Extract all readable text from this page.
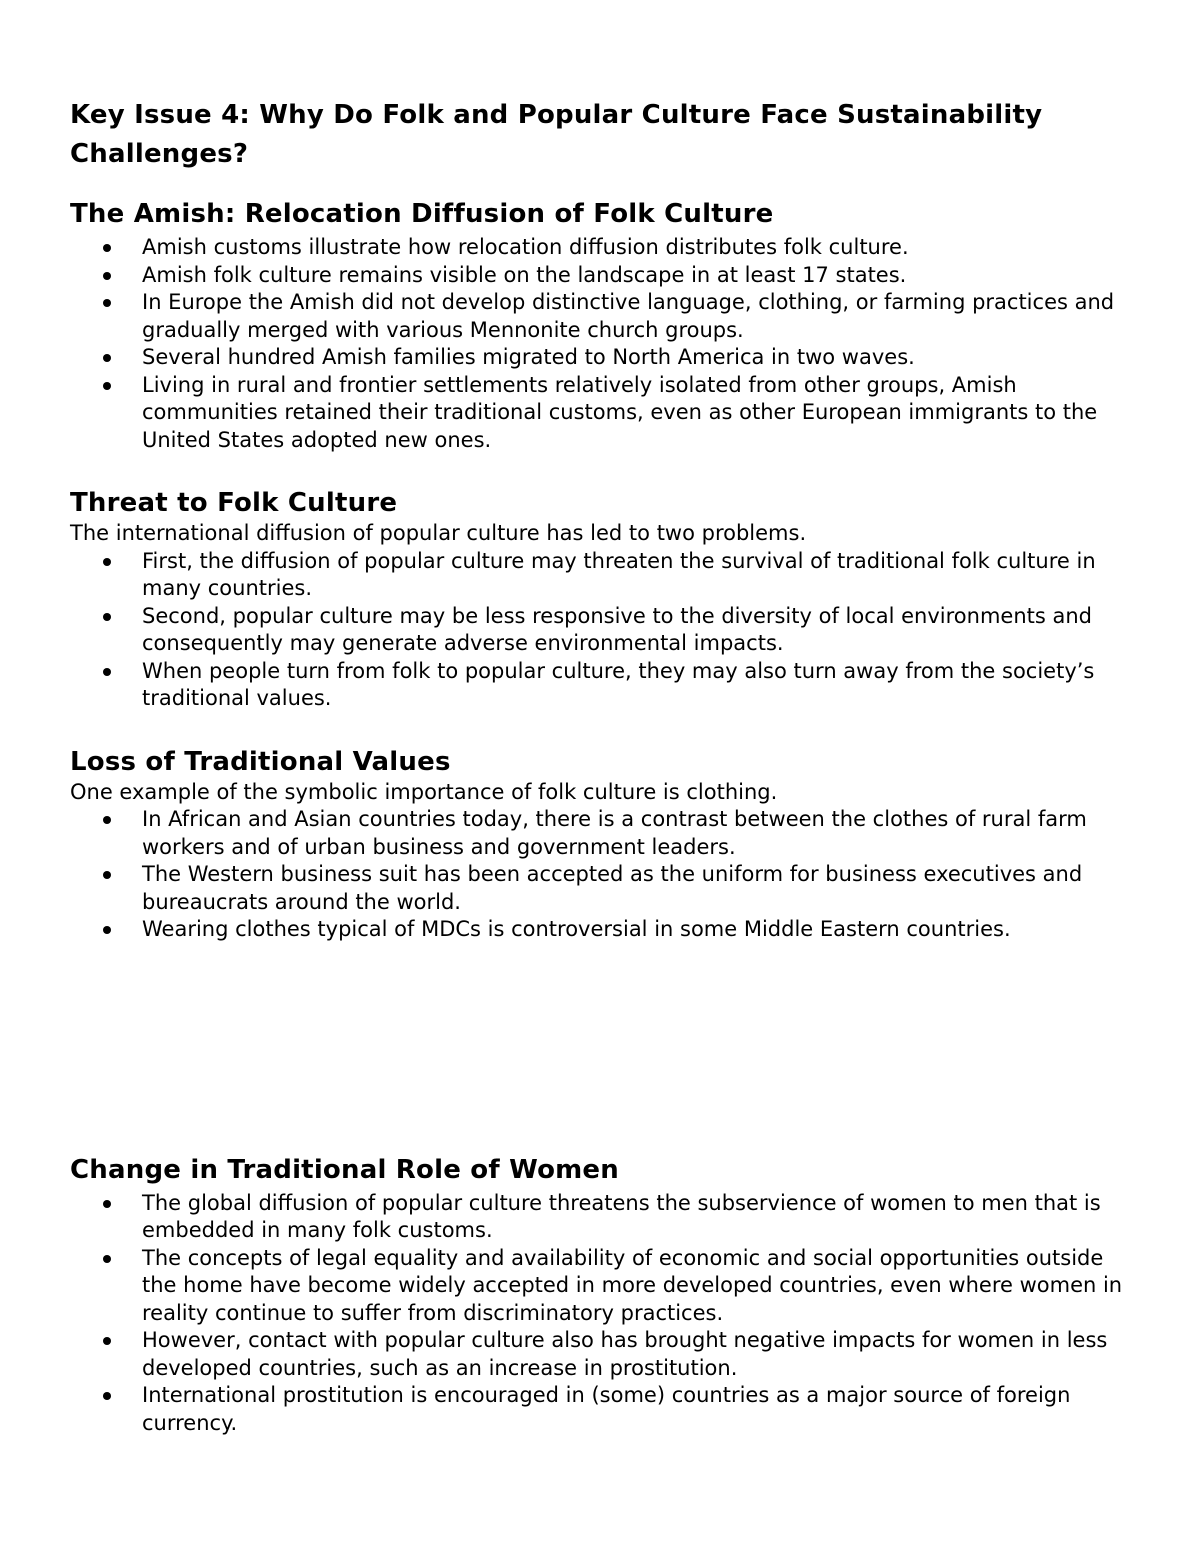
Key Issue 4: Why Do Folk and Popular Culture Face Sustainability Challenges?
The Amish: Relocation Diffusion of Folk Culture
Amish customs illustrate how relocation diffusion distributes folk culture.
Amish folk culture remains visible on the landscape in at least 17 states.
In Europe the Amish did not develop distinctive language, clothing, or farming practices and gradually merged with various Mennonite church groups.
Several hundred Amish families migrated to North America in two waves.
Living in rural and frontier settlements relatively isolated from other groups, Amish communities retained their traditional customs, even as other European immigrants to the United States adopted new ones.
Threat to Folk Culture

The international diffusion of popular culture has led to two problems.

First, the diffusion of popular culture may threaten the survival of traditional folk culture in many countries.
Second, popular culture may be less responsive to the diversity of local environments and consequently may generate adverse environmental impacts.
When people turn from folk to popular culture, they may also turn away from the society’s traditional values.
Loss of Traditional Values

One example of the symbolic importance of folk culture is clothing.

In African and Asian countries today, there is a contrast between the clothes of rural farm workers and of urban business and government leaders.
The Western business suit has been accepted as the uniform for business executives and bureaucrats around the world.
Wearing clothes typical of MDCs is controversial in some Middle Eastern countries.
Change in Traditional Role of Women
The global diffusion of popular culture threatens the subservience of women to men that is embedded in many folk customs.
The concepts of legal equality and availability of economic and social opportunities outside the home have become widely accepted in more developed countries, even where women in reality continue to suffer from discriminatory practices.
However, contact with popular culture also has brought negative impacts for women in less developed countries, such as an increase in prostitution.
International prostitution is encouraged in (some) countries as a major source of foreign currency.
